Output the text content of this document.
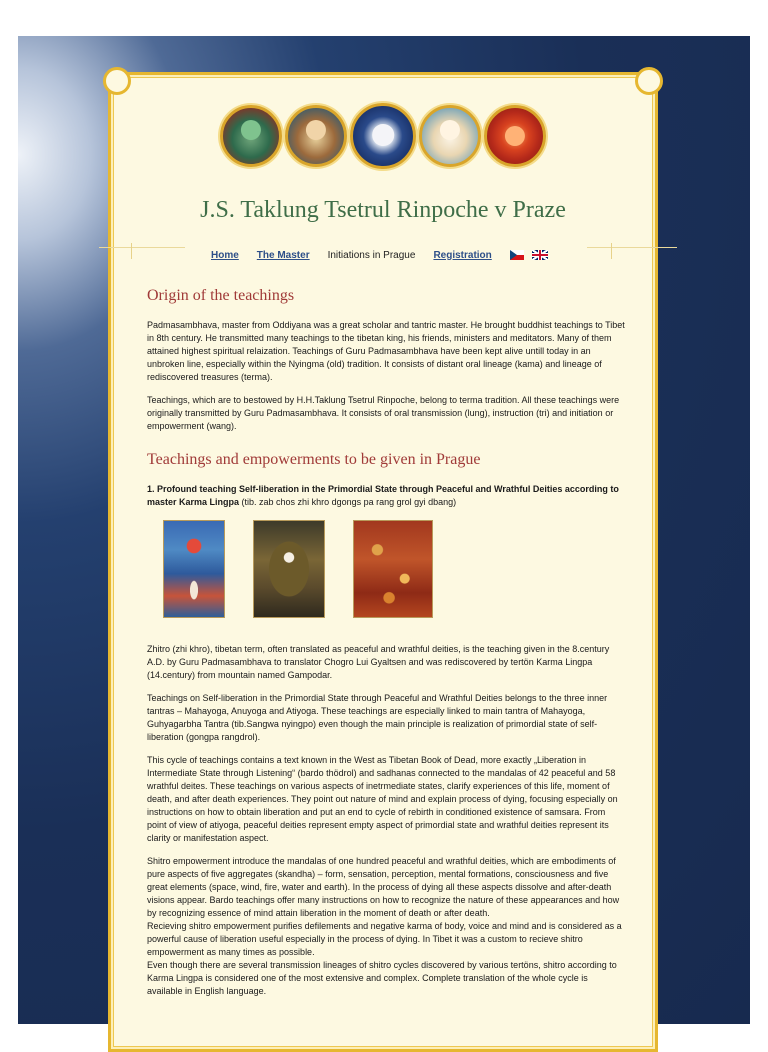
J.S. Taklung Tsetrul Rinpoche v Praze
Home The Master Initiations in Prague Registration
Origin of the teachings

Padmasambhava, master from Oddiyana was a great scholar and tantric master. He brought buddhist teachings to Tibet in 8th century. He transmitted many teachings to the tibetan king, his friends, ministers and meditators. Many of them attained highest spiritual relaization. Teachings of Guru Padmasambhava have been kept alive untill today in an unbroken line, especially within the Nyingma (old) tradition. It consists of distant oral lineage (kama) and lineage of rediscovered treasures (terma).

Teachings, which are to bestowed by H.H.Taklung Tsetrul Rinpoche, belong to terma tradition. All these teachings were originally transmitted by Guru Padmasambhava. It consists of oral transmission (lung), instruction (tri) and initiation or empowerment (wang).

Teachings and empowerments to be given in Prague

1. Profound teaching Self-liberation in the Primordial State through Peaceful and Wrathful Deities according to master Karma Lingpa (tib. zab chos zhi khro dgongs pa rang grol gyi dbang)

Zhitro (zhi khro), tibetan term, often translated as peaceful and wrathful deities, is the teaching given in the 8.century A.D. by Guru Padmasambhava to translator Chogro Lui Gyaltsen and was rediscovered by tertön Karma Lingpa (14.century) from mountain named Gampodar.

Teachings on Self-liberation in the Primordial State through Peaceful and Wrathful Deities belongs to the three inner tantras – Mahayoga, Anuyoga and Atiyoga. These teachings are especially linked to main tantra of Mahayoga, Guhyagarbha Tantra (tib.Sangwa nyingpo) even though the main principle is realization of primordial state of self-liberation (gongpa rangdrol).

This cycle of teachings contains a text known in the West as Tibetan Book of Dead, more exactly „Liberation in Intermediate State through Listening“ (bardo thödrol) and sadhanas connected to the mandalas of 42 peaceful and 58 wrathful deites. These teachings on various aspects of inetrmediate states, clarify experiences of this life, moment of death, and after death experiences. They point out nature of mind and explain process of dying, focusing especially on instructions on how to obtain liberation and put an end to cycle of rebirth in conditioned existence of samsara. From point of view of atiyoga, peaceful deities represent empty aspect of primordial state and wrathful deities represent its clarity or manifestation aspect.

Shitro empowerment introduce the mandalas of one hundred peaceful and wrathful deities, which are embodiments of pure aspects of five aggregates (skandha) – form, sensation, perception, mental formations, consciousness and five great elements (space, wind, fire, water and earth). In the process of dying all these aspects dissolve and after-death visions appear. Bardo teachings offer many instructions on how to recognize the nature of these appearances and how by recognizing essence of mind attain liberation in the moment of death or after death.

Recieving shitro empowerment purifies defilements and negative karma of body, voice and mind and is considered as a powerful cause of liberation useful especially in the process of dying. In Tibet it was a custom to recieve shitro empowerment as many times as possible.

Even though there are several transmission lineages of shitro cycles discovered by various tertöns, shitro according to Karma Lingpa is considered one of the most extensive and complex. Complete translation of the whole cycle is available in English language.
